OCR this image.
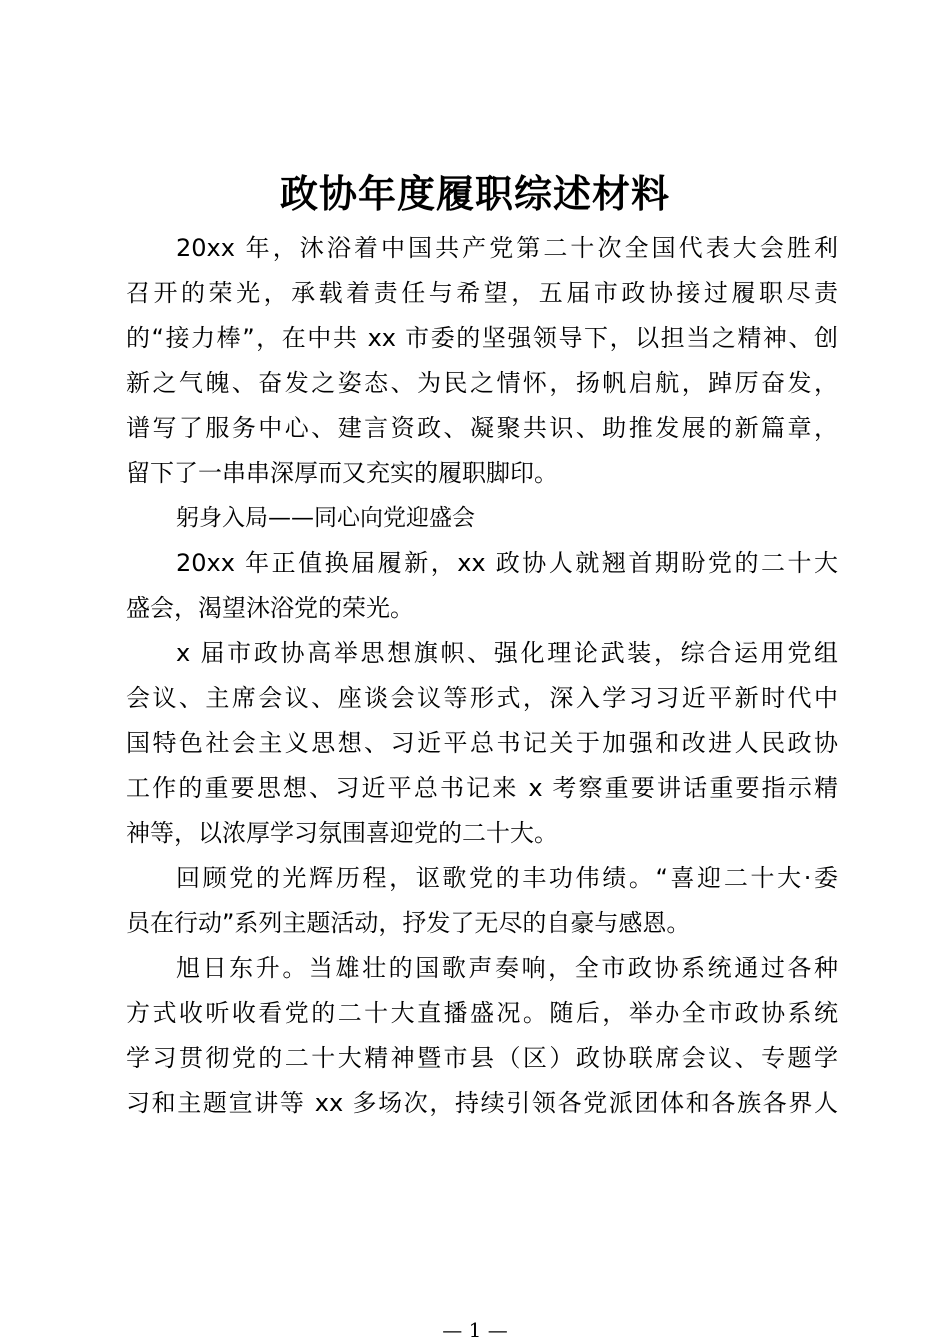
政协年度履职综述材料
20xx 年，沐浴着中国共产党第二十次全国代表大会胜利
召开的荣光，承载着责任与希望，五届市政协接过履职尽责
的“接力棒”，在中共 xx 市委的坚强领导下，以担当之精神、创
新之气魄、奋发之姿态、为民之情怀，扬帆启航，踔厉奋发，
谱写了服务中心、建言资政、凝聚共识、助推发展的新篇章，
留下了一串串深厚而又充实的履职脚印。
躬身入局——同心向党迎盛会
20xx 年正值换届履新，xx 政协人就翘首期盼党的二十大
盛会，渴望沐浴党的荣光。
x 届市政协高举思想旗帜、强化理论武装，综合运用党组
会议、主席会议、座谈会议等形式，深入学习习近平新时代中
国特色社会主义思想、习近平总书记关于加强和改进人民政协
工作的重要思想、习近平总书记来 x 考察重要讲话重要指示精
神等，以浓厚学习氛围喜迎党的二十大。
回顾党的光辉历程，讴歌党的丰功伟绩。“喜迎二十大·委
员在行动”系列主题活动，抒发了无尽的自豪与感恩。
旭日东升。当雄壮的国歌声奏响，全市政协系统通过各种
方式收听收看党的二十大直播盛况。随后，举办全市政协系统
学习贯彻党的二十大精神暨市县（区）政协联席会议、专题学
习和主题宣讲等 xx 多场次，持续引领各党派团体和各族各界人
— 1 —
